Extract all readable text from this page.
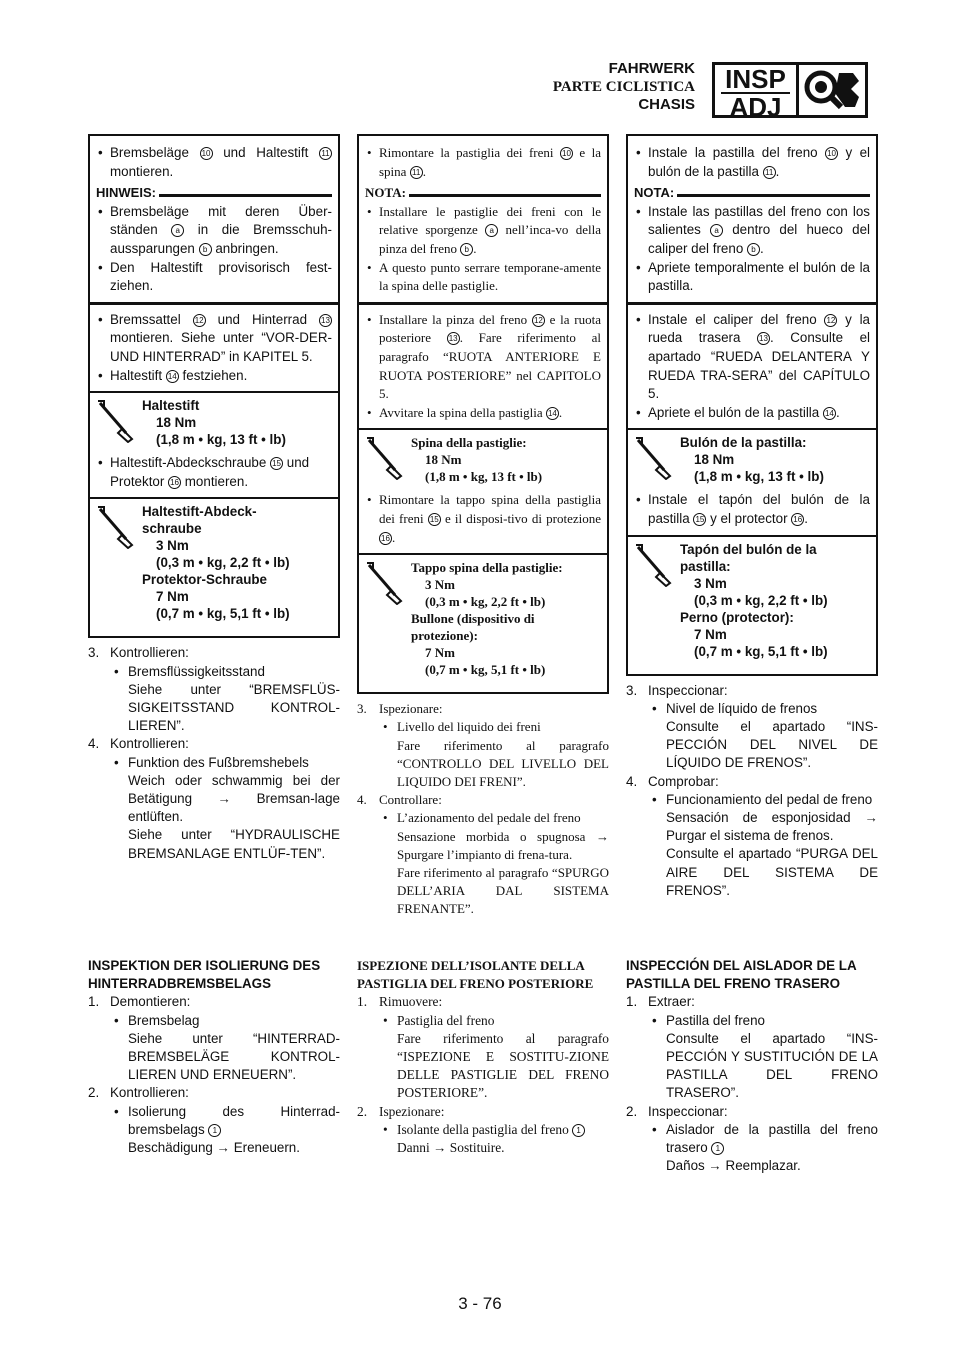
FAHRWERK
PARTE CICLISTICA
CHASIS
INSP
ADJ
• Bremsbeläge 10 und Haltestift 11 montieren.
HINWEIS:
• Bremsbeläge mit deren Über-ständen a in die Bremsschuh-aussparungen b anbringen.
• Den Haltestift provisorisch fest-ziehen.
• Bremssattel 12 und Hinterrad 13 montieren. Siehe unter “VOR-DER- UND HINTERRAD” in KAPITEL 5.
• Haltestift 14 festziehen.
Haltestift
18 Nm
(1,8 m • kg, 13 ft • lb)
• Haltestift-Abdeckschraube 15 und Protektor 16 montieren.
Haltestift-Abdeck-
schraube
3 Nm
(0,3 m • kg, 2,2 ft • lb)
Protektor-Schraube
7 Nm
(0,7 m • kg, 5,1 ft • lb)
3. Kontrollieren:
• Bremsflüssigkeitsstand
Siehe unter “BREMSFLÜS-SIGKEITSSTAND KONTROL-LIEREN”.
4. Kontrollieren:
• Funktion des Fußbremshebels
Weich oder schwammig bei der Betätigung → Bremsan-lage entlüften.
Siehe unter “HYDRAULISCHE BREMSANLAGE ENTLÜF-TEN”.
INSPEKTION DER ISOLIERUNG DES HINTERRADBREMSBELAGS
1. Demontieren:
• Bremsbelag
Siehe unter “HINTERRAD-BREMSBELÄGE KONTROL-LIEREN UND ERNEUERN”.
2. Kontrollieren:
• Isolierung des Hinterrad-bremsbelags 1
Beschädigung → Ereneuern.
• Rimontare la pastiglia dei freni 10 e la spina 11 .
NOTA:
• Installare le pastiglie dei freni con le relative sporgenze a nell’inca-vo della pinza del freno b .
• A questo punto serrare temporane-amente la spina delle pastiglie.
• Installare la pinza del freno 12 e la ruota posteriore 13 . Fare riferimento al paragrafo “RUOTA ANTERIORE E RUOTA POSTERIORE” nel CAPITOLO 5.
• Avvitare la spina della pastiglia 14 .
Spina della pastiglie:
18 Nm
(1,8 m • kg, 13 ft • lb)
• Rimontare la tappo spina della pastiglia dei freni 15 e il disposi-tivo di protezione 16 .
Tappo spina della pastiglie:
3 Nm
(0,3 m • kg, 2,2 ft • lb)
Bullone (dispositivo di
protezione):
7 Nm
(0,7 m • kg, 5,1 ft • lb)
3. Ispezionare:
• Livello del liquido dei freni
Fare riferimento al paragrafo “CONTROLLO DEL LIVELLO DEL LIQUIDO DEI FRENI”.
4. Controllare:
• L’azionamento del pedale del freno
Sensazione morbida o spugnosa → Spurgare l’impianto di frena-tura.
Fare riferimento al paragrafo “SPURGO DELL’ARIA DAL SISTEMA FRENANTE”.
ISPEZIONE DELL’ISOLANTE DELLA PASTIGLIA DEL FRENO POSTERIORE
1. Rimuovere:
• Pastiglia del freno
Fare riferimento al paragrafo “ISPEZIONE E SOSTITU-ZIONE DELLE PASTIGLIE DEL FRENO POSTERIORE”.
2. Ispezionare:
• Isolante della pastiglia del freno 1
Danni → Sostituire.
• Instale la pastilla del freno 10 y el bulón de la pastilla 11 .
NOTA:
• Instale las pastillas del freno con los salientes a dentro del hueco del caliper del freno b .
• Apriete temporalmente el bulón de la pastilla.
• Instale el caliper del freno 12 y la rueda trasera 13 . Consulte el apartado “RUEDA DELANTERA Y RUEDA TRA-SERA” del CAPÍTULO 5.
• Apriete el bulón de la pastilla 14 .
Bulón de la pastilla:
18 Nm
(1,8 m • kg, 13 ft • lb)
• Instale el tapón del bulón de la pastilla 15 y el protector 16 .
Tapón del bulón de la
pastilla:
3 Nm
(0,3 m • kg, 2,2 ft • lb)
Perno (protector):
7 Nm
(0,7 m • kg, 5,1 ft • lb)
3. Inspeccionar:
• Nivel de líquido de frenos
Consulte el apartado “INS-PECCIÓN DEL NIVEL DE LÍQUIDO DE FRENOS”.
4. Comprobar:
• Funcionamiento del pedal de freno
Sensación de esponjosidad → Purgar el sistema de frenos.
Consulte el apartado “PURGA DEL AIRE DEL SISTEMA DE FRENOS”.
INSPECCIÓN DEL AISLADOR DE LA PASTILLA DEL FRENO TRASERO
1. Extraer:
• Pastilla del freno
Consulte el apartado “INS-PECCIÓN Y SUSTITUCIÓN DE LA PASTILLA DEL FRENO TRASERO”.
2. Inspeccionar:
• Aislador de la pastilla del freno trasero 1
Daños → Reemplazar.
3 - 76
